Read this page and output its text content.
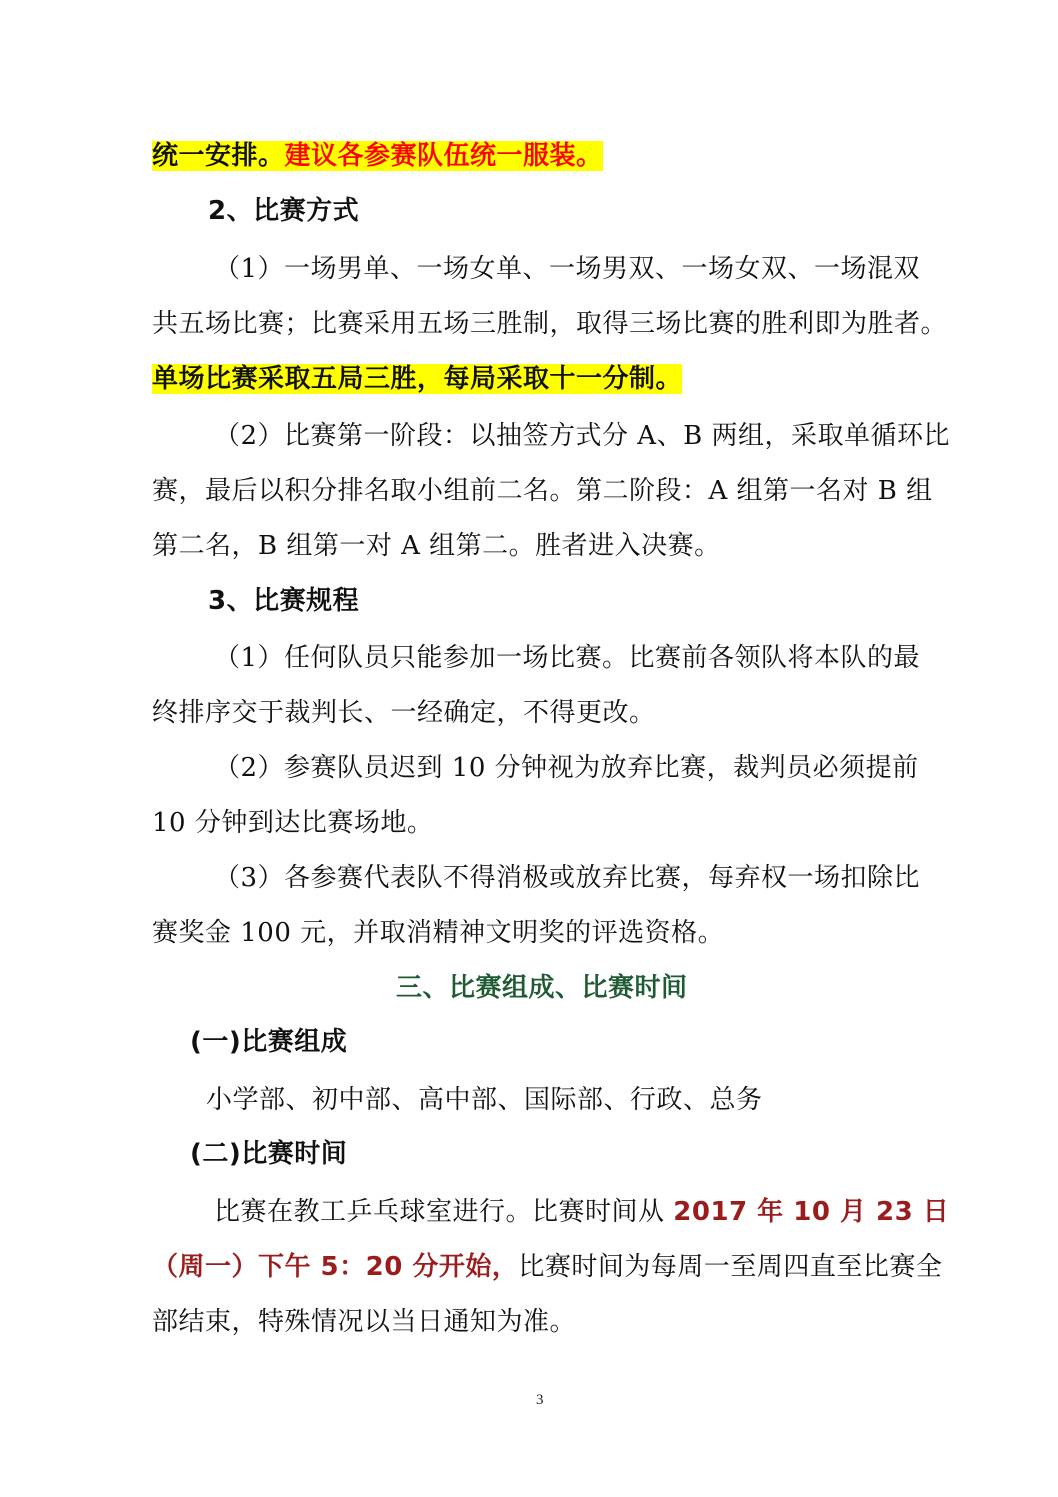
统一安排。建议各参赛队伍统一服装。
2、比赛方式
（1）一场男单、一场女单、一场男双、一场女双、一场混双
共五场比赛；比赛采用五场三胜制，取得三场比赛的胜利即为胜者。
单场比赛采取五局三胜，每局采取十一分制。
（2）比赛第一阶段：以抽签方式分 A、B 两组，采取单循环比
赛，最后以积分排名取小组前二名。第二阶段：A 组第一名对 B 组
第二名，B 组第一对 A 组第二。胜者进入决赛。
3、比赛规程
（1）任何队员只能参加一场比赛。比赛前各领队将本队的最
终排序交于裁判长、一经确定，不得更改。
（2）参赛队员迟到 10 分钟视为放弃比赛，裁判员必须提前
10 分钟到达比赛场地。
（3）各参赛代表队不得消极或放弃比赛，每弃权一场扣除比
赛奖金 100 元，并取消精神文明奖的评选资格。
三、比赛组成、比赛时间
(一)比赛组成
小学部、初中部、高中部、国际部、行政、总务
(二)比赛时间
比赛在教工乒乓球室进行。比赛时间从 2017 年 10 月 23 日
（周一）下午 5：20 分开始，比赛时间为每周一至周四直至比赛全
部结束，特殊情况以当日通知为准。
3
